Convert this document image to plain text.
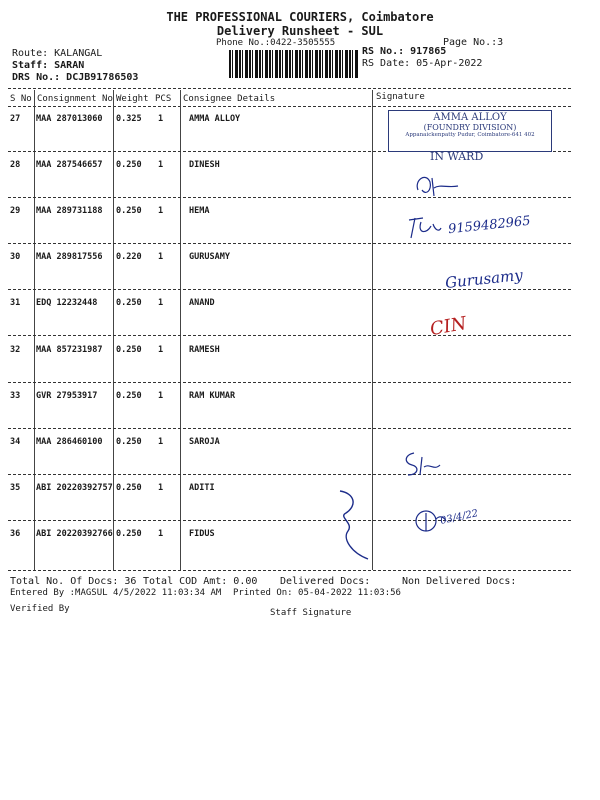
THE PROFESSIONAL COURIERS, Coimbatore
Delivery Runsheet - SUL
Phone No.:0422-3505555	Page No.:3
Route: KALANGAL
Staff: SARAN
DRS No.: DCJB91786503
RS No.: 917865
RS Date: 05-Apr-2022
S No Consignment No Weight PCS Consignee Details	Signature
27 MAA 287013060 0.325 1	AMMA ALLOY
28 MAA 287546657 0.250 1	DINESH
29 MAA 289731188 0.250 1	HEMA
30 MAA 289817556 0.220 1	GURUSAMY
31 EDQ 12232448 0.250 1	ANAND
32 MAA 857231987 0.250 1	RAMESH
33 GVR 27953917 0.250 1	RAM KUMAR
34 MAA 286460100 0.250 1	SAROJA
35 ABI 20220392757 0.250 1	ADITI
36 ABI 20220392766 0.250 1	FIDUS
AMMA ALLOY
(FOUNDRY DIVISION)
Appanaickenpatty Pudur, Coimbatore-641 402
IN WARD
9159482965
Gurusamy
CIN
03/4/22
Total No. Of Docs: 36 Total COD Amt: 0.00 Delivered Docs:	Non Delivered Docs:
Entered By :MAGSUL 4/5/2022 11:03:34 AM Printed On: 05-04-2022 11:03:56
Verified By	Staff Signature
